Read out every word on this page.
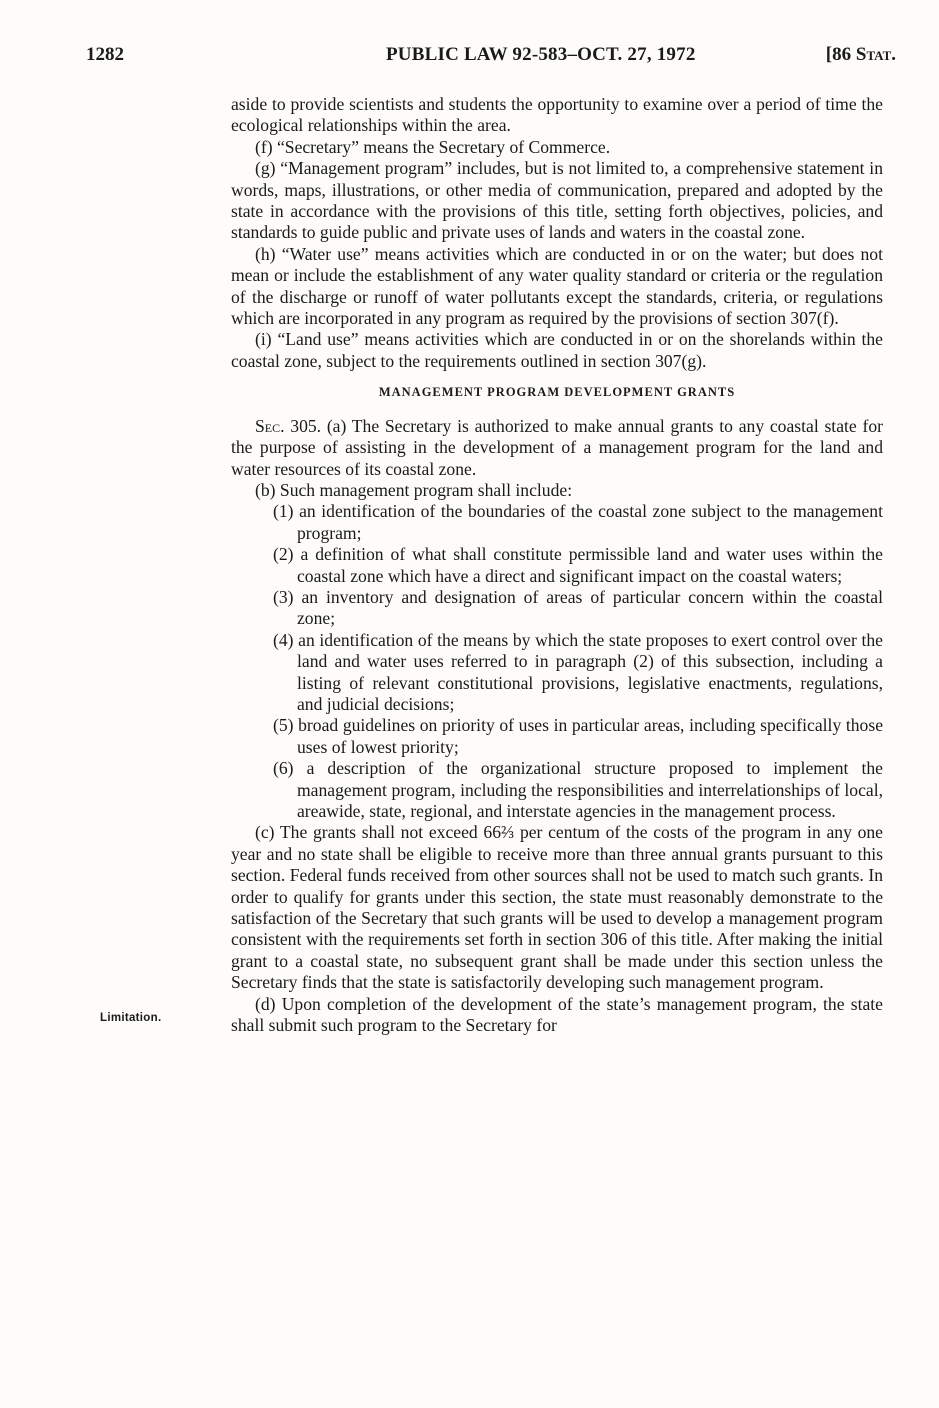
1282	PUBLIC LAW 92-583–OCT. 27, 1972	[86 Stat.

aside to provide scientists and students the opportunity to examine over a period of time the ecological relationships within the area.

(f) “Secretary” means the Secretary of Commerce.

(g) “Management program” includes, but is not limited to, a comprehensive statement in words, maps, illustrations, or other media of communication, prepared and adopted by the state in accordance with the provisions of this title, setting forth objectives, policies, and standards to guide public and private uses of lands and waters in the coastal zone.

(h) “Water use” means activities which are conducted in or on the water; but does not mean or include the establishment of any water quality standard or criteria or the regulation of the discharge or runoff of water pollutants except the standards, criteria, or regulations which are incorporated in any program as required by the provisions of section 307(f).

(i) “Land use” means activities which are conducted in or on the shorelands within the coastal zone, subject to the requirements outlined in section 307(g).

MANAGEMENT PROGRAM DEVELOPMENT GRANTS

Sec. 305. (a) The Secretary is authorized to make annual grants to any coastal state for the purpose of assisting in the development of a management program for the land and water resources of its coastal zone.

(b) Such management program shall include:

(1) an identification of the boundaries of the coastal zone subject to the management program;

(2) a definition of what shall constitute permissible land and water uses within the coastal zone which have a direct and significant impact on the coastal waters;

(3) an inventory and designation of areas of particular concern within the coastal zone;

(4) an identification of the means by which the state proposes to exert control over the land and water uses referred to in paragraph (2) of this subsection, including a listing of relevant constitutional provisions, legislative enactments, regulations, and judicial decisions;

(5) broad guidelines on priority of uses in particular areas, including specifically those uses of lowest priority;

(6) a description of the organizational structure proposed to implement the management program, including the responsibilities and interrelationships of local, areawide, state, regional, and interstate agencies in the management process.

(c) The grants shall not exceed 66⅔ per centum of the costs of the program in any one year and no state shall be eligible to receive more than three annual grants pursuant to this section. Federal funds received from other sources shall not be used to match such grants. In order to qualify for grants under this section, the state must reasonably demonstrate to the satisfaction of the Secretary that such grants will be used to develop a management program consistent with the requirements set forth in section 306 of this title. After making the initial grant to a coastal state, no subsequent grant shall be made under this section unless the Secretary finds that the state is satisfactorily developing such management program.

(d) Upon completion of the development of the state’s management program, the state shall submit such program to the Secretary for

Limitation.
